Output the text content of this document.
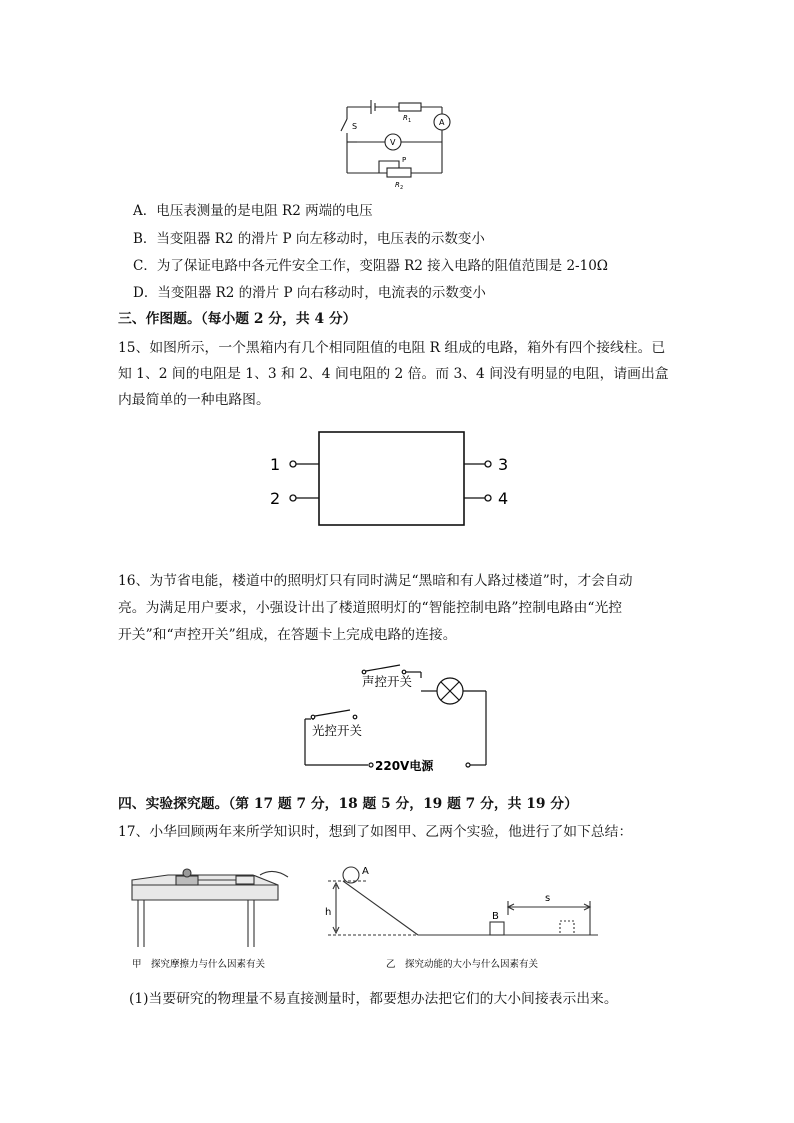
S
R 1	A
V
P
R 2
A．电压表测量的是电阻 R2 两端的电压
B．当变阻器 R2 的滑片 P 向左移动时，电压表的示数变小
C．为了保证电路中各元件安全工作，变阻器 R2 接入电路的阻值范围是 2-10Ω
D．当变阻器 R2 的滑片 P 向右移动时，电流表的示数变小
三、作图题。（每小题 2 分，共 4 分）
15、如图所示，一个黑箱内有几个相同阻值的电阻 R 组成的电路，箱外有四个接线柱。已
知 1、2 间的电阻是 1、3 和 2、4 间电阻的 2 倍。而 3、4 间没有明显的电阻，请画出盒
内最简单的一种电路图。
1
2
3
4
16、为节省电能，楼道中的照明灯只有同时满足“黑暗和有人路过楼道”时，才会自动
亮。为满足用户要求，小强设计出了楼道照明灯的“智能控制电路”控制电路由“光控
开关”和“声控开关”组成，在答题卡上完成电路的连接。
声控开关
光控开关
220V电源
四、实验探究题。（第 17 题 7 分，18 题 5 分，19 题 7 分，共 19 分）
17、小华回顾两年来所学知识时，想到了如图甲、乙两个实验，他进行了如下总结：
A
h	B
s
甲　探究摩擦力与什么因素有关	乙　探究动能的大小与什么因素有关
(1)当要研究的物理量不易直接测量时，都要想办法把它们的大小间接表示出来。
